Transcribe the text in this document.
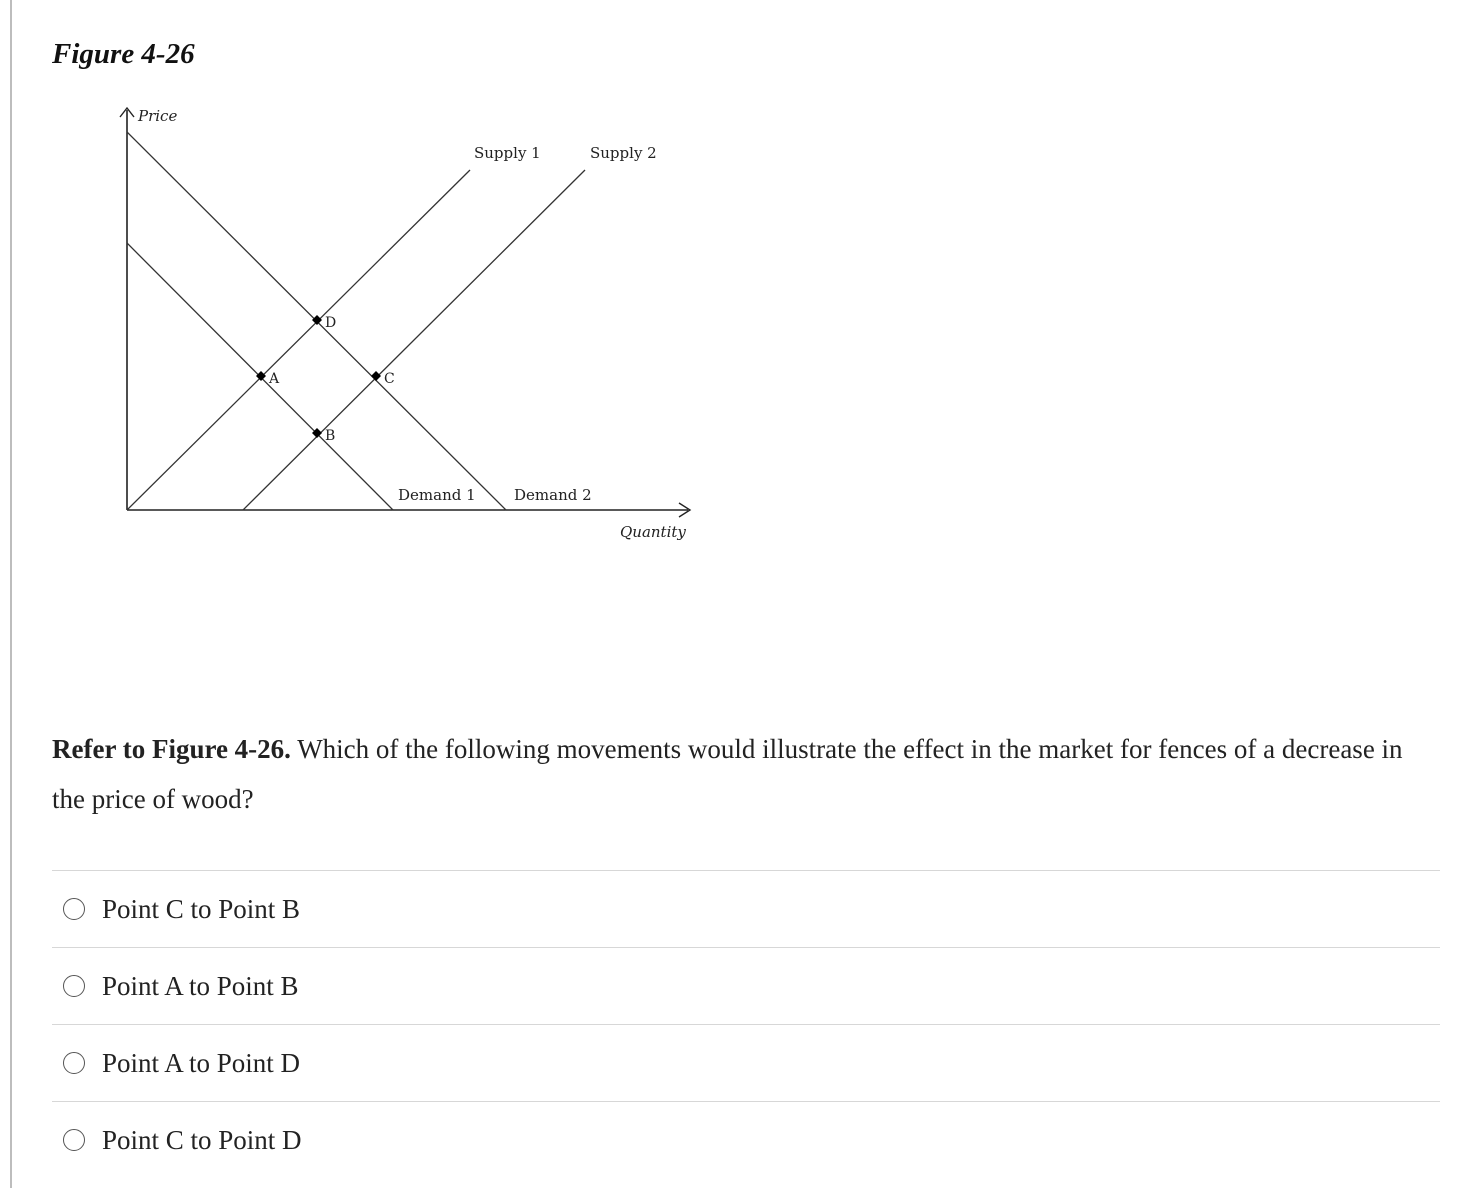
Figure 4-26
A
B
C
D
Price
Quantity
Supply 1	Supply 2
Demand 1	Demand 2

Refer to Figure 4-26. Which of the following movements would illustrate the effect in the market for fences of a decrease in the price of wood?

Point C to Point B
Point A to Point B
Point A to Point D
Point C to Point D
